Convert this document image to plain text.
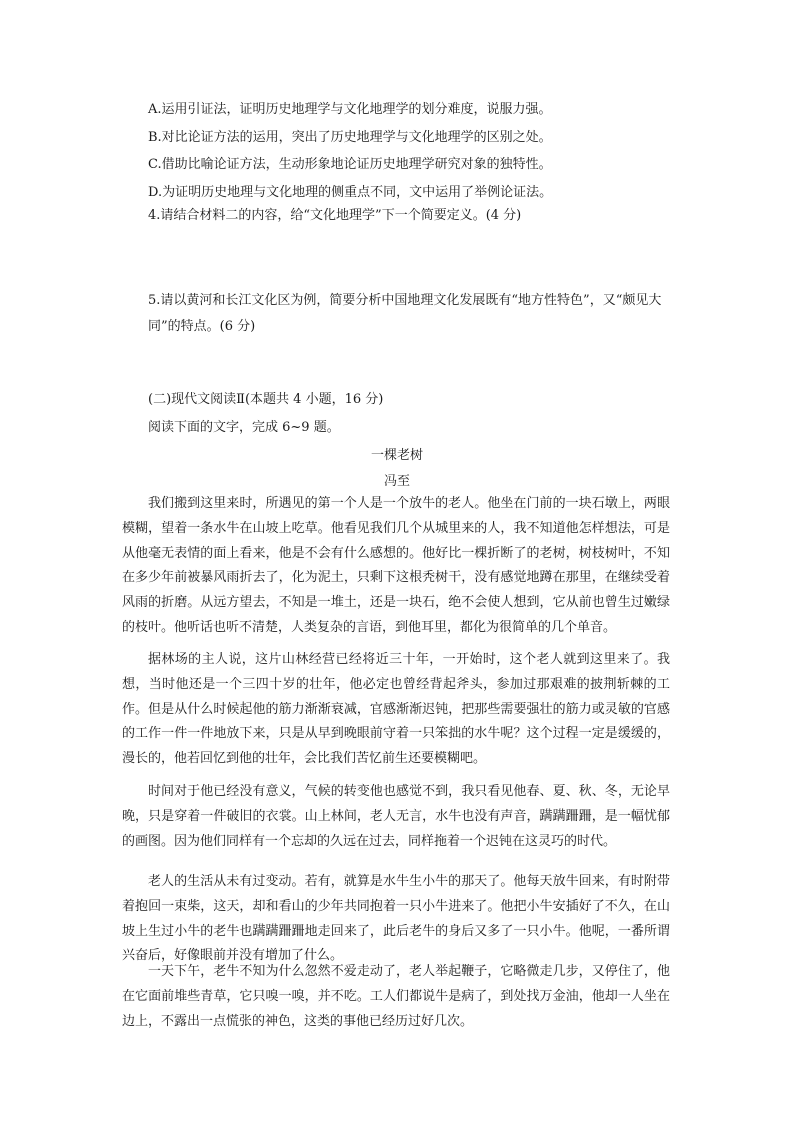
A.运用引证法，证明历史地理学与文化地理学的划分难度，说服力强。
B.对比论证方法的运用，突出了历史地理学与文化地理学的区别之处。
C.借助比喻论证方法，生动形象地论证历史地理学研究对象的独特性。
D.为证明历史地理与文化地理的侧重点不同，文中运用了举例论证法。
4.请结合材料二的内容，给“文化地理学”下一个简要定义。(4 分)
5.请以黄河和长江文化区为例，简要分析中国地理文化发展既有“地方性特色”，又“颇见大同”的特点。(6 分)
(二)现代文阅读Ⅱ(本题共 4 小题，16 分)
阅读下面的文字，完成 6~9 题。
一棵老树
冯至

我们搬到这里来时，所遇见的第一个人是一个放牛的老人。他坐在门前的一块石墩上，两眼模糊，望着一条水牛在山坡上吃草。他看见我们几个从城里来的人，我不知道他怎样想法，可是从他毫无表情的面上看来，他是不会有什么感想的。他好比一棵折断了的老树，树枝树叶，不知在多少年前被暴风雨折去了，化为泥土，只剩下这根秃树干，没有感觉地蹲在那里，在继续受着风雨的折磨。从远方望去，不知是一堆土，还是一块石，绝不会使人想到，它从前也曾生过嫩绿的枝叶。他听话也听不清楚，人类复杂的言语，到他耳里，都化为很简单的几个单音。

据林场的主人说，这片山林经营已经将近三十年，一开始时，这个老人就到这里来了。我想，当时他还是一个三四十岁的壮年，他必定也曾经背起斧头，参加过那艰难的披荆斩棘的工作。但是从什么时候起他的筋力渐渐衰减，官感渐渐迟钝，把那些需要强壮的筋力或灵敏的官感的工作一件一件地放下来，只是从早到晚眼前守着一只笨拙的水牛呢？这个过程一定是缓缓的，漫长的，他若回忆到他的壮年，会比我们苦忆前生还要模糊吧。

时间对于他已经没有意义，气候的转变他也感觉不到，我只看见他春、夏、秋、冬，无论早晚，只是穿着一件破旧的衣裳。山上林间，老人无言，水牛也没有声音，蹒蹒跚跚，是一幅忧郁的画图。因为他们同样有一个忘却的久远在过去，同样拖着一个迟钝在这灵巧的时代。

老人的生活从未有过变动。若有，就算是水牛生小牛的那天了。他每天放牛回来，有时附带着抱回一束柴，这天，却和看山的少年共同抱着一只小牛进来了。他把小牛安插好了不久，在山坡上生过小牛的老牛也蹒蹒跚跚地走回来了，此后老牛的身后又多了一只小牛。他呢，一番所谓兴奋后，好像眼前并没有增加了什么。

一天下午，老牛不知为什么忽然不爱走动了，老人举起鞭子，它略微走几步，又停住了，他在它面前堆些青草，它只嗅一嗅，并不吃。工人们都说牛是病了，到处找万金油，他却一人坐在边上，不露出一点慌张的神色，这类的事他已经历过好几次。
